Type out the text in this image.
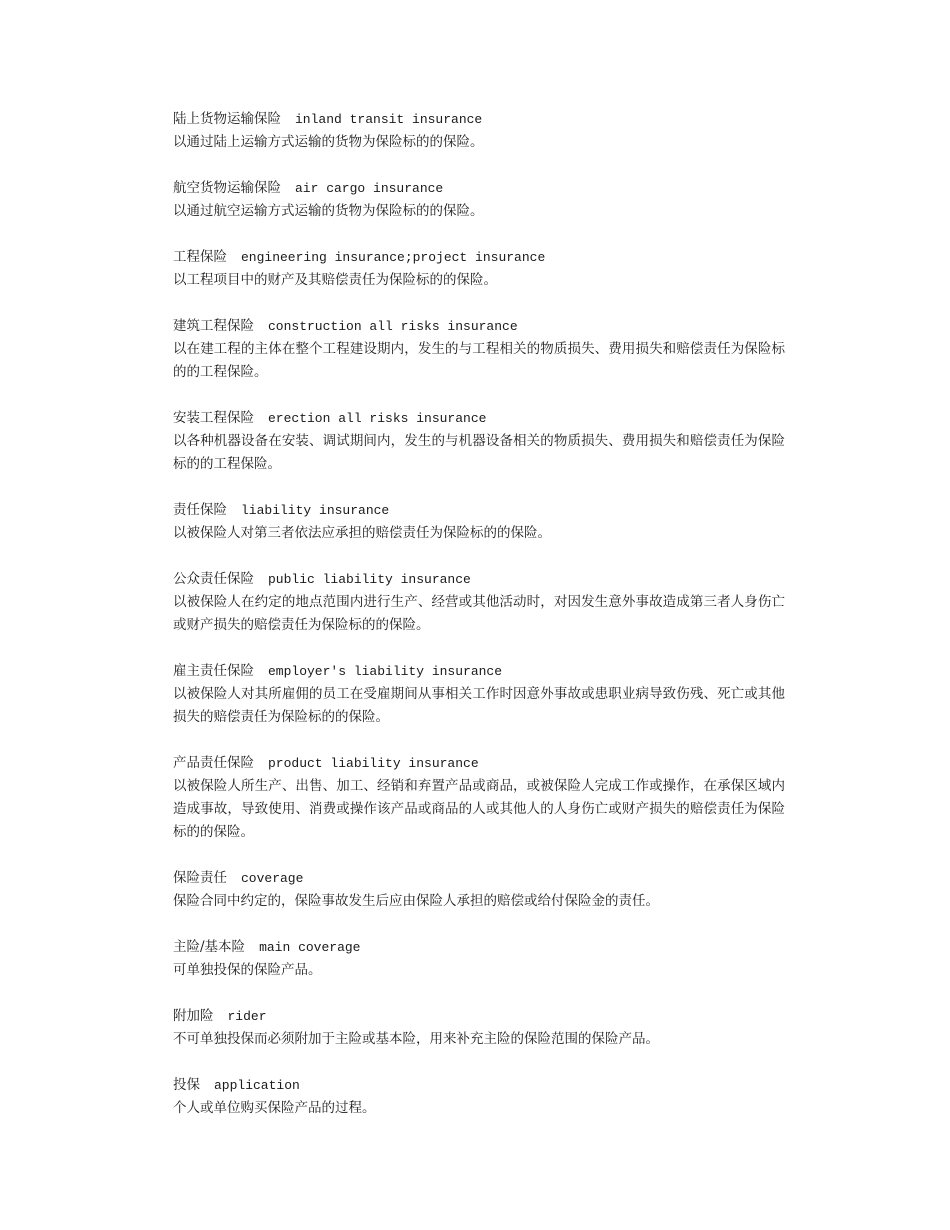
陆上货物运输保险 inland transit insurance
以通过陆上运输方式运输的货物为保险标的的保险。
航空货物运输保险 air cargo insurance
以通过航空运输方式运输的货物为保险标的的保险。
工程保险 engineering insurance;project insurance
以工程项目中的财产及其赔偿责任为保险标的的保险。
建筑工程保险 construction all risks insurance
以在建工程的主体在整个工程建设期内，发生的与工程相关的物质损失、费用损失和赔偿责任为保险标的的工程保险。
安装工程保险 erection all risks insurance
以各种机器设备在安装、调试期间内，发生的与机器设备相关的物质损失、费用损失和赔偿责任为保险标的的工程保险。
责任保险 liability insurance
以被保险人对第三者依法应承担的赔偿责任为保险标的的保险。
公众责任保险 public liability insurance
以被保险人在约定的地点范围内进行生产、经营或其他活动时，对因发生意外事故造成第三者人身伤亡或财产损失的赔偿责任为保险标的的保险。
雇主责任保险 employer's liability insurance
以被保险人对其所雇佣的员工在受雇期间从事相关工作时因意外事故或患职业病导致伤残、死亡或其他损失的赔偿责任为保险标的的保险。
产品责任保险 product liability insurance
以被保险人所生产、出售、加工、经销和弃置产品或商品，或被保险人完成工作或操作，在承保区域内造成事故，导致使用、消费或操作该产品或商品的人或其他人的人身伤亡或财产损失的赔偿责任为保险标的的保险。
保险责任 coverage
保险合同中约定的，保险事故发生后应由保险人承担的赔偿或给付保险金的责任。
主险/基本险 main coverage
可单独投保的保险产品。
附加险 rider
不可单独投保而必须附加于主险或基本险，用来补充主险的保险范围的保险产品。
投保 application
个人或单位购买保险产品的过程。
